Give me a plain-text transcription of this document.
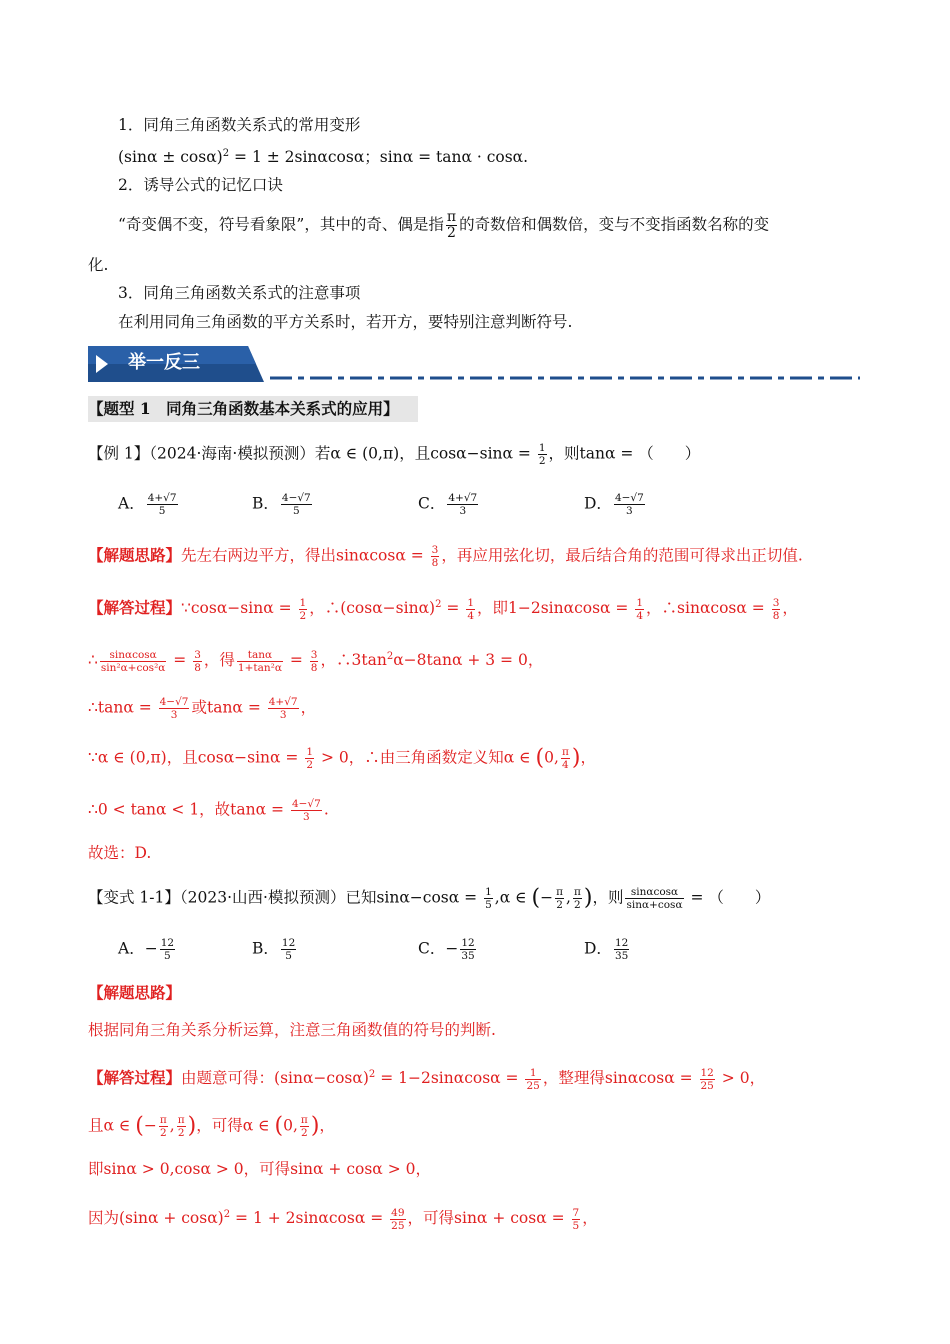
1．同角三角函数关系式的常用变形
$(\sin\alpha \pm \cos\alpha)^2 = 1 \pm 2\sin\alpha\cos\alpha$；sinα = tanα · cosα.
2．诱导公式的记忆口诀
“奇变偶不变，符号看象限”，其中的奇、偶是指 $\frac{\pi}{2}$ 的奇数倍和偶数倍，变与不变指函数名称的变
化.
3．同角三角函数关系式的注意事项
在利用同角三角函数的平方关系时，若开方，要特别注意判断符号.
举一反三
【题型 1　同角三角函数基本关系式的应用】
【例 1】（2024·海南·模拟预测）若α ∈ (0,π)，且$\cos\alpha-\sin\alpha = \frac{1}{2}$ ，则tanα = （　　）
A． $\frac{4+√7}{5}$	B． $\frac{4-√7}{5}$	C． $\frac{4+√7}{3}$	D． $\frac{4-√7}{3}$
【解题思路】先左右两边平方，得出$\sin\alpha\cos\alpha = \frac{3}{8}$ ，再应用弦化切，最后结合角的范围可得求出正切值.
【解答过程】∵cosα−sinα = $\frac{1}{2}$ ，$\therefore(\cos\alpha-\sin\alpha)^2 = \frac{1}{4}$ ，即$1-2\sin\alpha\cos\alpha = \frac{1}{4}$ ，∴sinαcosα = $\frac{3}{8}$ ，
∴ $\frac{\sin\alpha\cos\alpha}{\text{sin²α+cos²α}} = \frac{3}{8}$ ，得 $\frac{\tan\alpha}{\text{1+tan²α}} = \frac{3}{8}$ ，$\therefore 3\tan^2\alpha-8\tan\alpha + 3 = 0$，
∴tanα = $\frac{4-√7}{3}$ 或$\tan\alpha = \frac{4+√7}{3}$ ，
∵α ∈ (0,π)，且$\cos\alpha-\sin\alpha = \frac{1}{2} > 0$，∴由三角函数定义知α ∈ (0, $\frac{\pi}{4}$ )，
∴0 < tanα < 1，故$\tan\alpha = \frac{4-√7}{3}$ .
故选：D.
【变式 1-1】（2023·山西·模拟预测）已知$\sin\alpha-\cos\alpha = \frac{1}{5} ,\alpha$ ∈ (− $\frac{\pi}{2}$ , $\frac{\pi}{2}$ )，则 $\frac{\sin\alpha\cos\alpha}{\sin\alpha+\cos\alpha}$ = （　　）
A．− $\frac{12}{5}$	B． $\frac{12}{5}$	C．− $\frac{12}{35}$	D． $\frac{12}{35}$
【解题思路】
根据同角三角关系分析运算，注意三角函数值的符号的判断.
【解答过程】由题意可得：$(\sin\alpha-\cos\alpha)^2 = 1-2\sin\alpha\cos\alpha = \frac{1}{25}$ ，整理得$\sin\alpha\cos\alpha = \frac{12}{25} > 0$，
且α ∈ (− $\frac{\pi}{2}$ , $\frac{\pi}{2}$ )，可得α ∈ (0, $\frac{\pi}{2}$ )，
即sinα > 0,cosα > 0，可得sinα + cosα > 0，
因为$(\sin\alpha + \cos\alpha)^2 = 1 + 2\sin\alpha\cos\alpha = \frac{49}{25}$ ，可得$\sin\alpha + \cos\alpha = \frac{7}{5}$ ，
